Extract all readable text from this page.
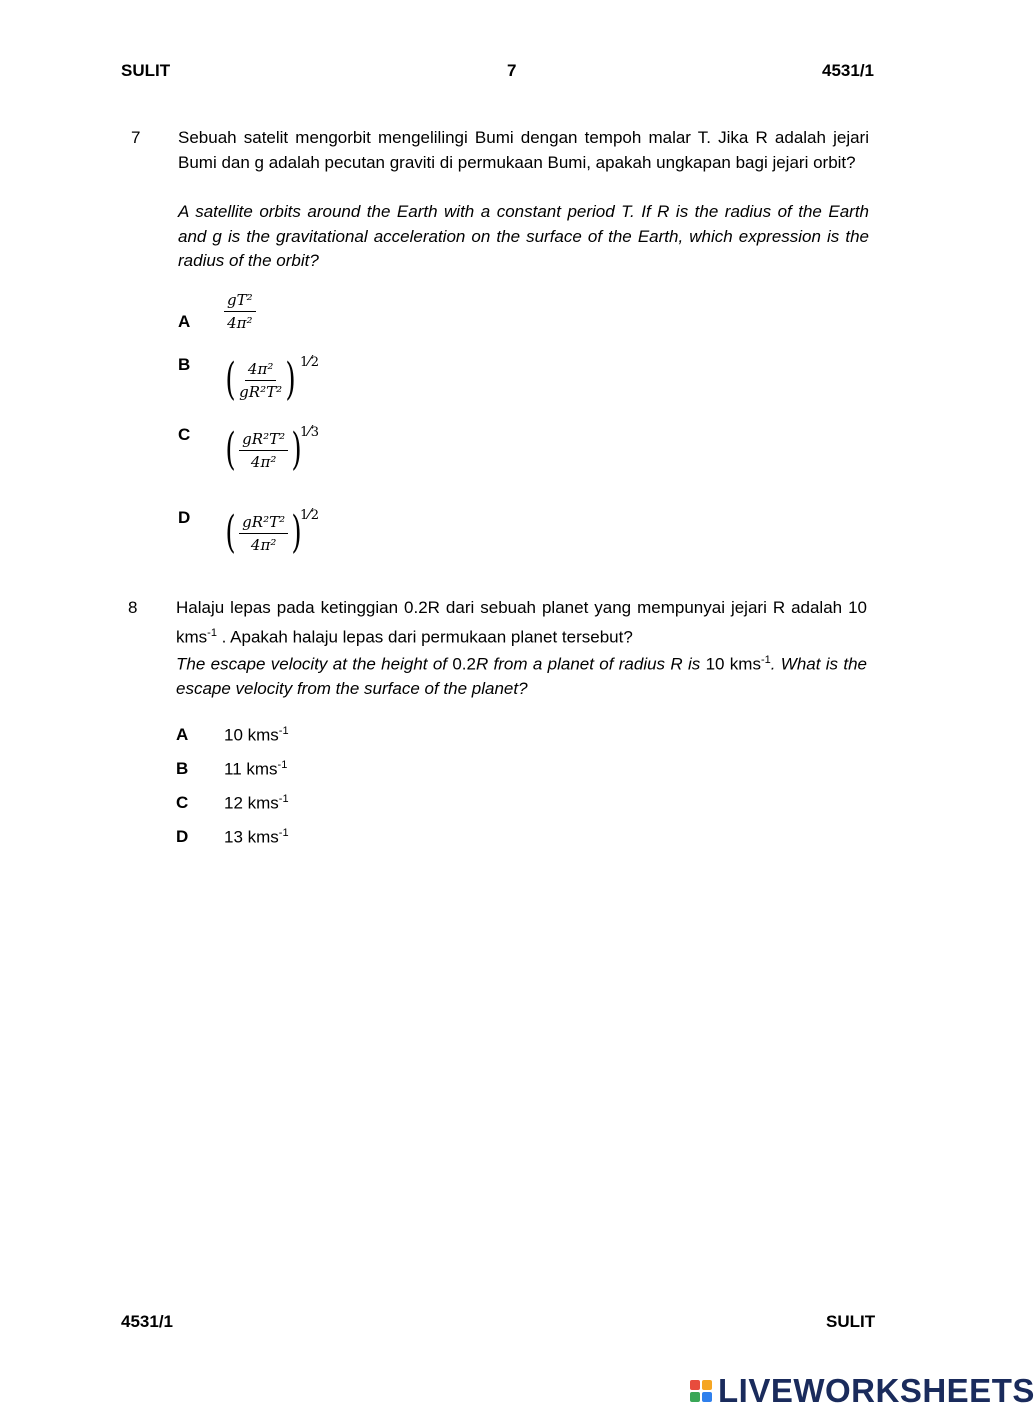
SULIT	7	4531/1
7 Sebuah satelit mengorbit mengelilingi Bumi dengan tempoh malar T. Jika R adalah jejari Bumi dan g adalah pecutan graviti di permukaan Bumi, apakah ungkapan bagi jejari orbit?
A satellite orbits around the Earth with a constant period T. If R is the radius of the Earth and g is the gravitational acceleration on the surface of the Earth, which expression is the radius of the orbit?
A $\frac{\text{gT²}}{\text{4π²}}$
B ( $\frac{\text{4π²}}{\text{gR²T²}}$ ) 1⁄2
C ( $\frac{\text{gR²T²}}{\text{4π²}}$ )
1⁄3
D ( $\frac{\text{gR²T²}}{\text{4π²}}$ )
1⁄2
8 Halaju lepas pada ketinggian 0.2R dari sebuah planet yang mempunyai jejari R adalah 10 kms$^{-1}$ . Apakah halaju lepas dari permukaan planet tersebut?
The escape velocity at the height of 0.2R from a planet of radius R is 10 kms$^{-1}$. What is the escape velocity from the surface of the planet?
A 10 kms$^{-1}$
B 11 kms$^{-1}$
C 12 kms$^{-1}$
D 13 kms$^{-1}$
4531/1	SULIT
LIVEWORKSHEETS
